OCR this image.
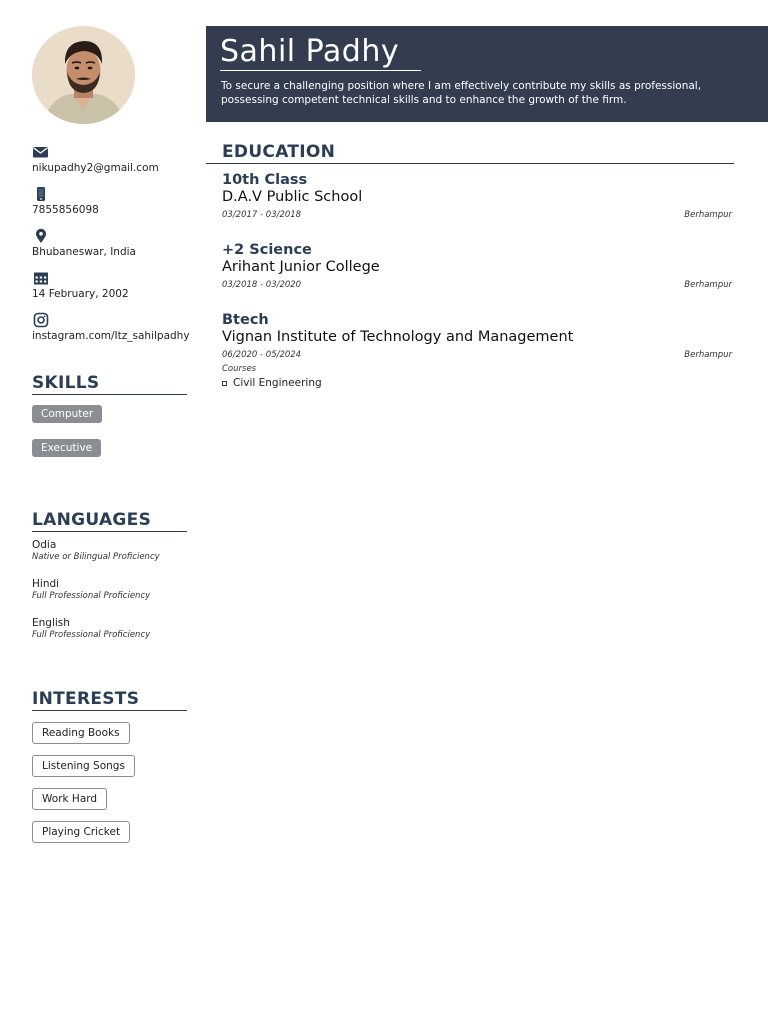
nikupadhy2@gmail.com
7855856098
Bhubaneswar, India
14 February, 2002
instagram.com/Itz_sahilpadhy
SKILLS
Computer
Executive
LANGUAGES
Odia
Native or Bilingual Proficiency
Hindi
Full Professional Proficiency
English
Full Professional Proficiency
INTERESTS
Reading Books
Listening Songs
Work Hard
Playing Cricket
Sahil Padhy
To secure a challenging position where I am effectively contribute my skills as professional, possessing competent technical skills and to enhance the growth of the firm.
EDUCATION
10th Class
D.A.V Public School
03/2017 - 03/2018	Berhampur
+2 Science
Arihant Junior College
03/2018 - 03/2020	Berhampur
Btech
Vignan Institute of Technology and Management
06/2020 - 05/2024	Berhampur
Courses
Civil Engineering
